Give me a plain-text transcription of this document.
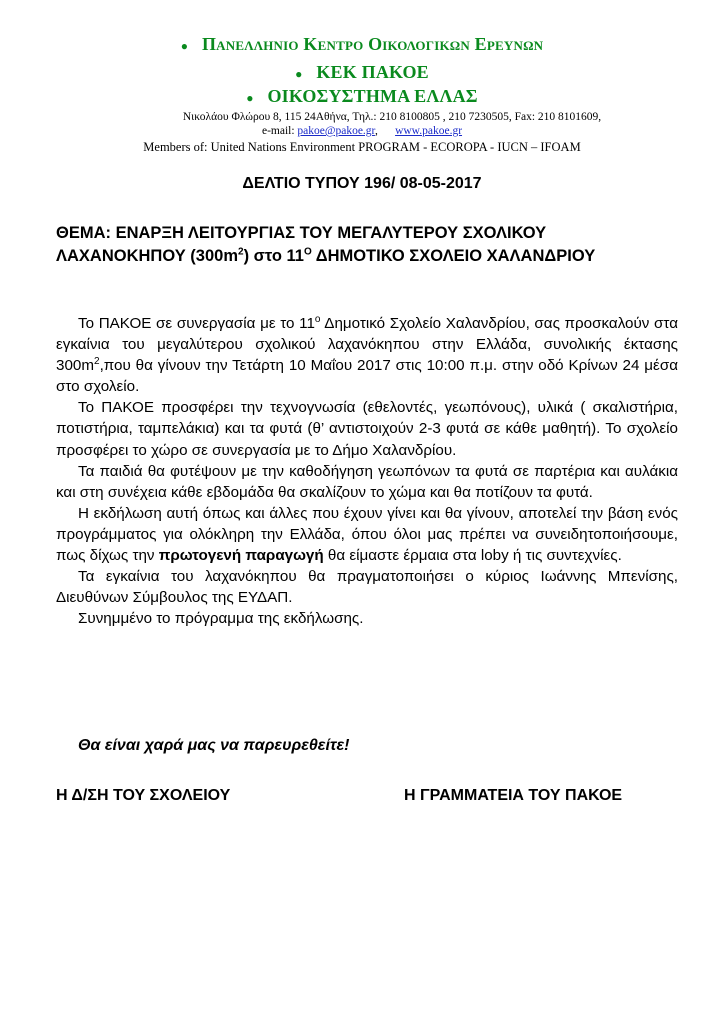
● Πανελληνιο Κεντρο Οικολογικων Ερευνων
● ΚΕΚ ΠΑΚΟΕ
● ΟΙΚΟΣΥΣΤΗΜΑ ΕΛΛΑΣ
Νικολάου Φλώρου 8, 115 24Αθήνα, Τηλ.: 210 8100805 , 210 7230505, Fax: 210 8101609,
e-mail: pakoe@pakoe.gr,      www.pakoe.gr
Members of: United Nations Environment PROGRAM - ECOROPA - IUCN – IFOAM
ΔΕΛΤΙΟ ΤΥΠΟΥ 196/ 08-05-2017
ΘΕΜΑ: ΕΝΑΡΞΗ ΛΕΙΤΟΥΡΓΙΑΣ ΤΟΥ ΜΕΓΑΛΥΤΕΡΟΥ ΣΧΟΛΙΚΟΥ ΛΑΧΑΝΟΚΗΠΟΥ $(300m^2)$ στο $11^O$ ΔΗΜΟΤΙΚΟ ΣΧΟΛΕΙΟ ΧΑΛΑΝΔΡΙΟΥ

Το ΠΑΚΟΕ σε συνεργασία με το $11^o$ Δημοτικό Σχολείο Χαλανδρίου, σας προσκαλούν στα εγκαίνια του μεγαλύτερου σχολικού λαχανόκηπου στην Ελλάδα, συνολικής έκτασης $300m^2,\pi o\upsilon$ θα γίνουν την Τετάρτη 10 Μαΐου 2017 στις 10:00 π.μ. στην οδό Κρίνων 24 μέσα στο σχολείο.

Το ΠΑΚΟΕ προσφέρει την τεχνογνωσία (εθελοντές, γεωπόνους), υλικά ( σκαλιστήρια, ποτιστήρια, ταμπελάκια) και τα φυτά (θ’ αντιστοιχούν 2-3 φυτά σε κάθε μαθητή). Το σχολείο προσφέρει το χώρο σε συνεργασία με το Δήμο Χαλανδρίου.

Τα παιδιά θα φυτέψουν με την καθοδήγηση γεωπόνων τα φυτά σε παρτέρια και αυλάκια και στη συνέχεια κάθε εβδομάδα θα σκαλίζουν το χώμα και θα ποτίζουν τα φυτά.

Η εκδήλωση αυτή όπως και άλλες που έχουν γίνει και θα γίνουν, αποτελεί την βάση ενός προγράμματος για ολόκληρη την Ελλάδα, όπου όλοι μας πρέπει να συνειδητοποιήσουμε, πως δίχως την πρωτογενή παραγωγή θα είμαστε έρμαια στα loby ή τις συντεχνίες.

Τα εγκαίνια του λαχανόκηπου θα πραγματοποιήσει ο κύριος Ιωάννης Μπενίσης, Διευθύνων Σύμβουλος της ΕΥΔΑΠ.

Συνημμένο το πρόγραμμα της εκδήλωσης.

Θα είναι χαρά μας να παρευρεθείτε!
Η Δ/ΣΗ ΤΟΥ ΣΧΟΛΕΙΟΥ	Η ΓΡΑΜΜΑΤΕΙΑ ΤΟΥ ΠΑΚΟΕ
